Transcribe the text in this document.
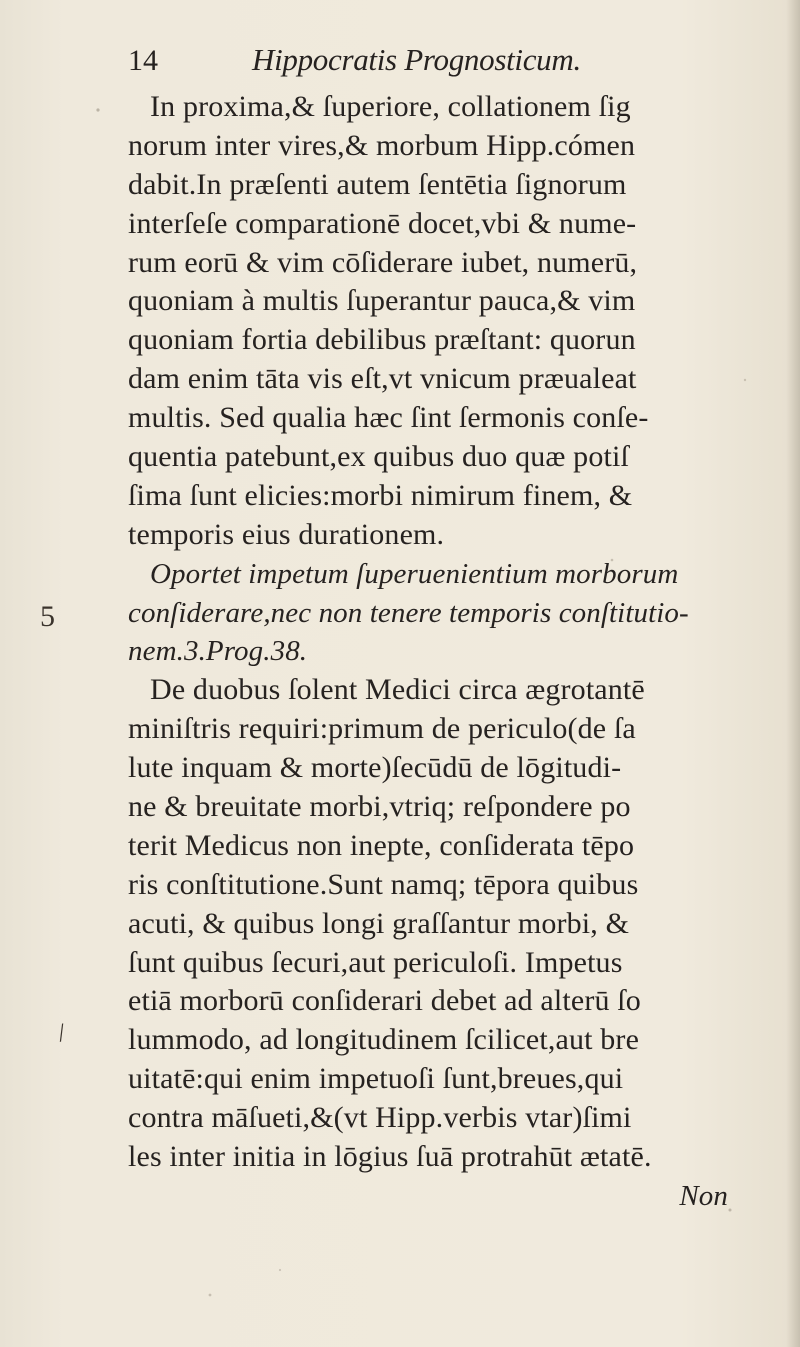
14	Hippocratis Prognosticum.
5
/
In proxima,& ſuperiore, collationem ſig
norum inter vires,& morbum Hipp.cómen
dabit.In præſenti autem ſentētia ſignorum
interſeſe comparationē docet,vbi & nume-
rum eorū & vim cōſiderare iubet, numerū,
quoniam à multis ſuperantur pauca,& vim
quoniam fortia debilibus præſtant: quorun
dam enim tāta vis eſt,vt vnicum præualeat
multis. Sed qualia hæc ſint ſermonis conſe-
quentia patebunt,ex quibus duo quæ potiſ
ſima ſunt elicies:morbi nimirum finem, &
temporis eius durationem.
Oportet impetum ſuperuenientium morborum
conſiderare,nec non tenere temporis conſtitutio-
nem.3.Prog.38.
De duobus ſolent Medici circa ægrotantē
miniſtris requiri:primum de periculo(de ſa
lute inquam & morte)ſecūdū de lōgitudi-
ne & breuitate morbi,vtriq; reſpondere po
terit Medicus non inepte, conſiderata tēpo
ris conſtitutione.Sunt namq; tēpora quibus
acuti, & quibus longi graſſantur morbi, &
ſunt quibus ſecuri,aut periculoſi. Impetus
etiā morborū conſiderari debet ad alterū ſo
lummodo, ad longitudinem ſcilicet,aut bre
uitatē:qui enim impetuoſi ſunt,breues,qui
contra māſueti,&(vt Hipp.verbis vtar)ſimi
les inter initia in lōgius ſuā protrahūt ætatē.
Non
